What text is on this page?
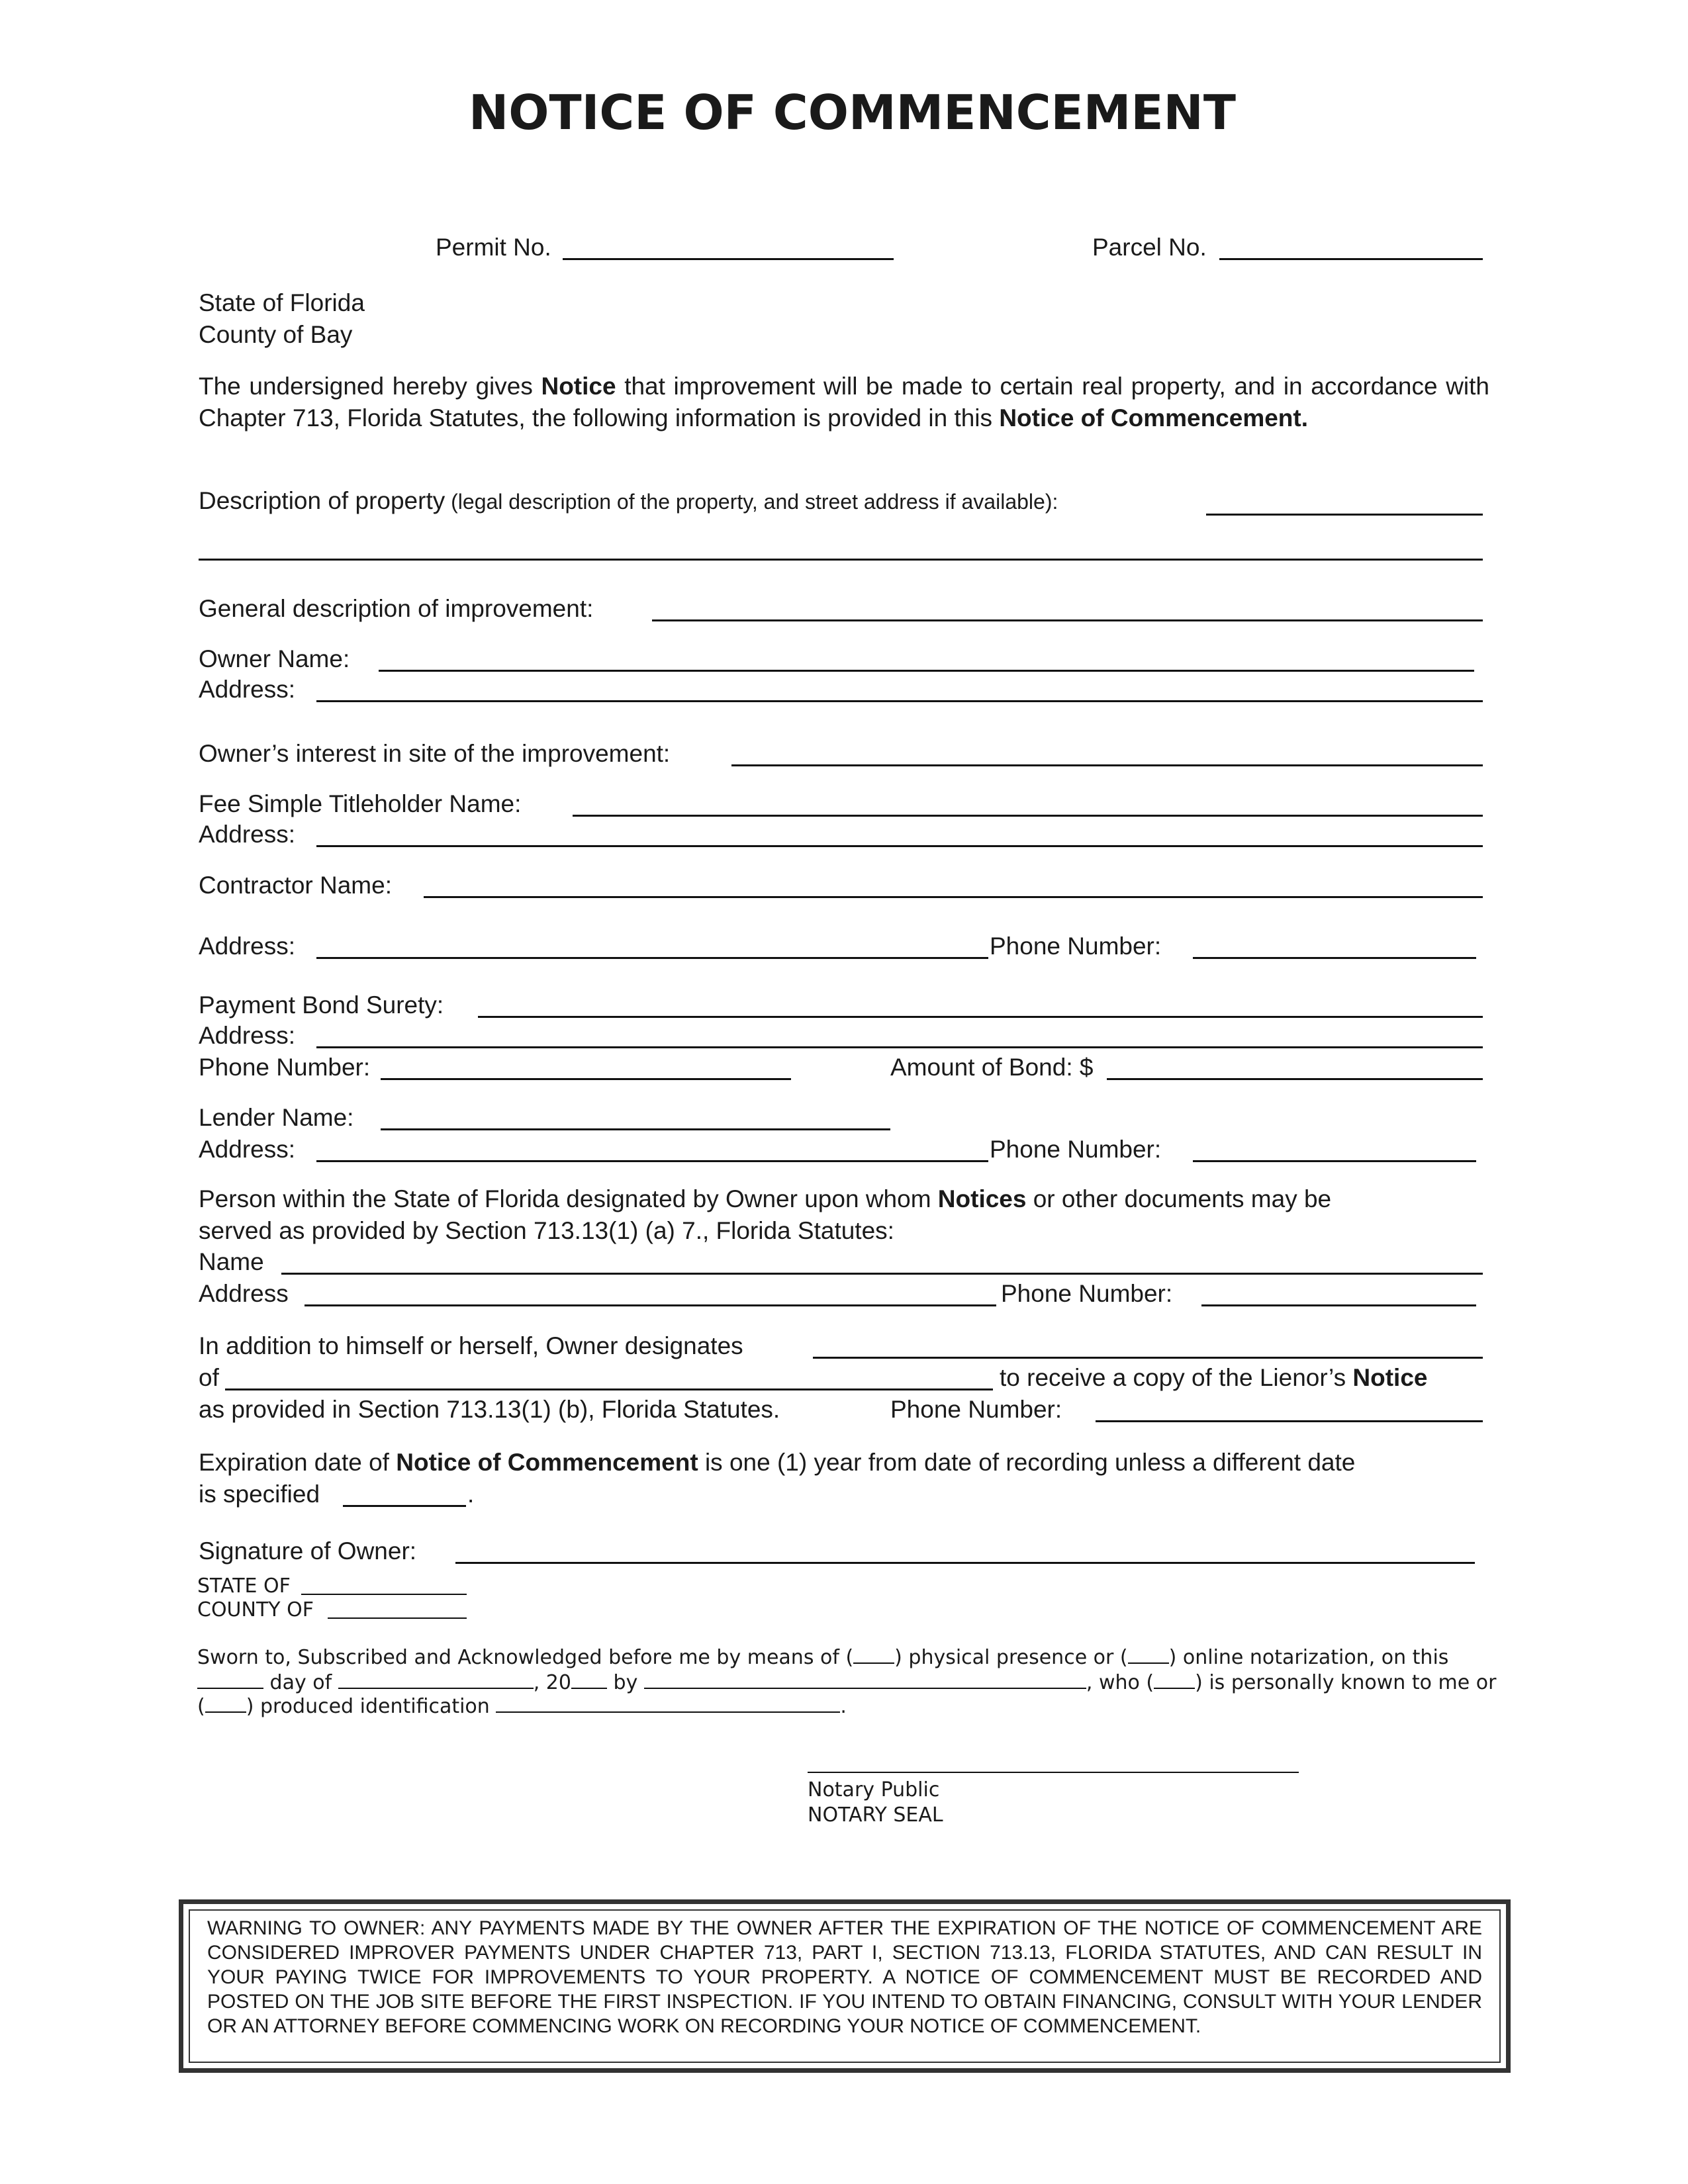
NOTICE OF COMMENCEMENT
Permit No.	Parcel No.
State of Florida
County of Bay
The undersigned hereby gives Notice that improvement will be made to certain real property, and in accordance with Chapter 713, Florida Statutes, the following information is provided in this Notice of Commencement.
Description of property (legal description of the property, and street address if available):
General description of improvement:
Owner Name:
Address:
Owner’s interest in site of the improvement:
Fee Simple Titleholder Name:
Address:
Contractor Name:
Address:	Phone Number:
Payment Bond Surety:
Address:
Phone Number:	Amount of Bond: $
Lender Name:
Address:	Phone Number:
Person within the State of Florida designated by Owner upon whom Notices or other documents may be
served as provided by Section 713.13(1) (a) 7., Florida Statutes:
Name
Address	Phone Number:
In addition to himself or herself, Owner designates
of	to receive a copy of the Lienor’s Notice
as provided in Section 713.13(1) (b), Florida Statutes.	Phone Number:
Expiration date of Notice of Commencement is one (1) year from date of recording unless a different date
is specified	.
Signature of Owner:
STATE OF
COUNTY OF
Sworn to, Subscribed and Acknowledged before me by means of ( ) physical presence or ( ) online notarization, on this
day of	, 20 by	, who ( ) is personally known to me or
( ) produced identification	.
Notary Public
NOTARY SEAL
WARNING TO OWNER: ANY PAYMENTS MADE BY THE OWNER AFTER THE EXPIRATION OF THE NOTICE OF COMMENCEMENT ARE CONSIDERED IMPROVER PAYMENTS UNDER CHAPTER 713, PART I, SECTION 713.13, FLORIDA STATUTES, AND CAN RESULT IN YOUR PAYING TWICE FOR IMPROVEMENTS TO YOUR PROPERTY. A NOTICE OF COMMENCEMENT MUST BE RECORDED AND POSTED ON THE JOB SITE BEFORE THE FIRST INSPECTION. IF YOU INTEND TO OBTAIN FINANCING, CONSULT WITH YOUR LENDER OR AN ATTORNEY BEFORE COMMENCING WORK ON RECORDING YOUR NOTICE OF COMMENCEMENT.
